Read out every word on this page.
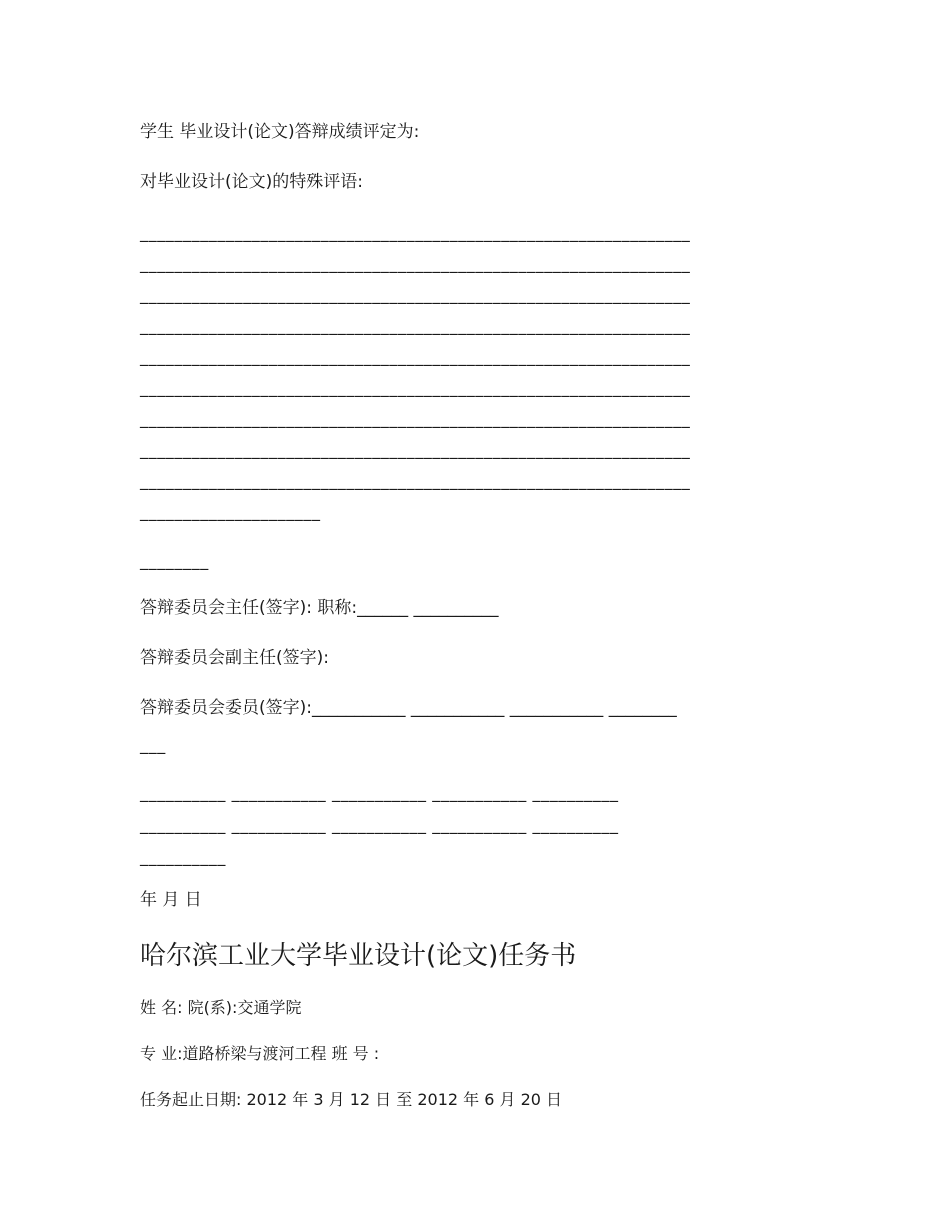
学生 毕业设计(论文)答辩成绩评定为:
对毕业设计(论文)的特殊评语:
________________________________________________________________
________________________________________________________________
________________________________________________________________
________________________________________________________________
________________________________________________________________
________________________________________________________________
________________________________________________________________
________________________________________________________________
________________________________________________________________
_____________________
________
答辩委员会主任(签字): 职称:______ __________
答辩委员会副主任(签字):
答辩委员会委员(签字):___________ ___________ ___________ ________
___
__________ ___________ ___________ ___________ __________
__________ ___________ ___________ ___________ __________
__________
年 月 日
哈尔滨工业大学毕业设计(论文)任务书
姓 名: 院(系):交通学院
专 业:道路桥梁与渡河工程 班 号 :
任务起止日期: 2012 年 3 月 12 日 至 2012 年 6 月 20 日
